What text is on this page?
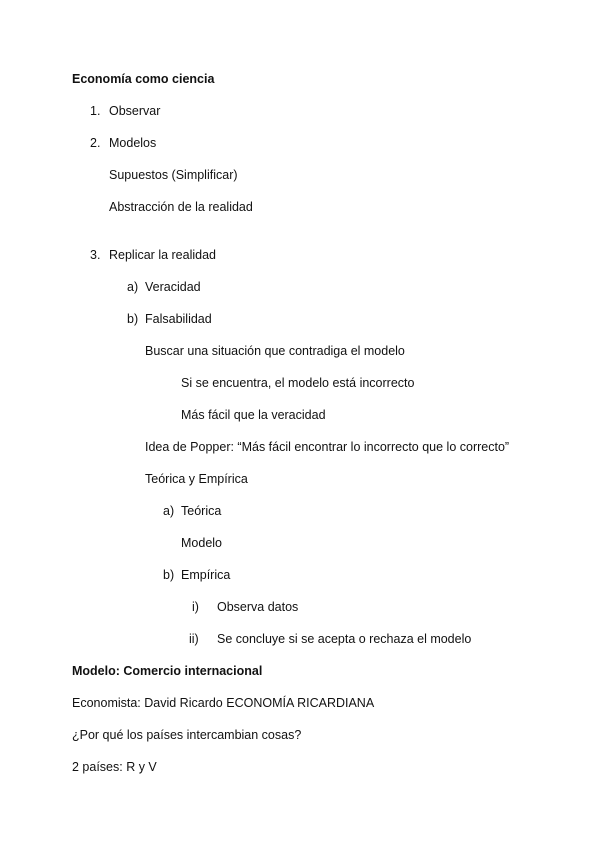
Economía como ciencia
1. Observar
2. Modelos
Supuestos (Simplificar)
Abstracción de la realidad
3. Replicar la realidad
a) Veracidad
b) Falsabilidad
Buscar una situación que contradiga el modelo
Si se encuentra, el modelo está incorrecto
Más fácil que la veracidad
Idea de Popper: “Más fácil encontrar lo incorrecto que lo correcto”
Teórica y Empírica
a) Teórica
Modelo
b) Empírica
i) Observa datos
ii) Se concluye si se acepta o rechaza el modelo
Modelo: Comercio internacional
Economista: David Ricardo ECONOMÍA RICARDIANA
¿Por qué los países intercambian cosas?
2 países: R y V
